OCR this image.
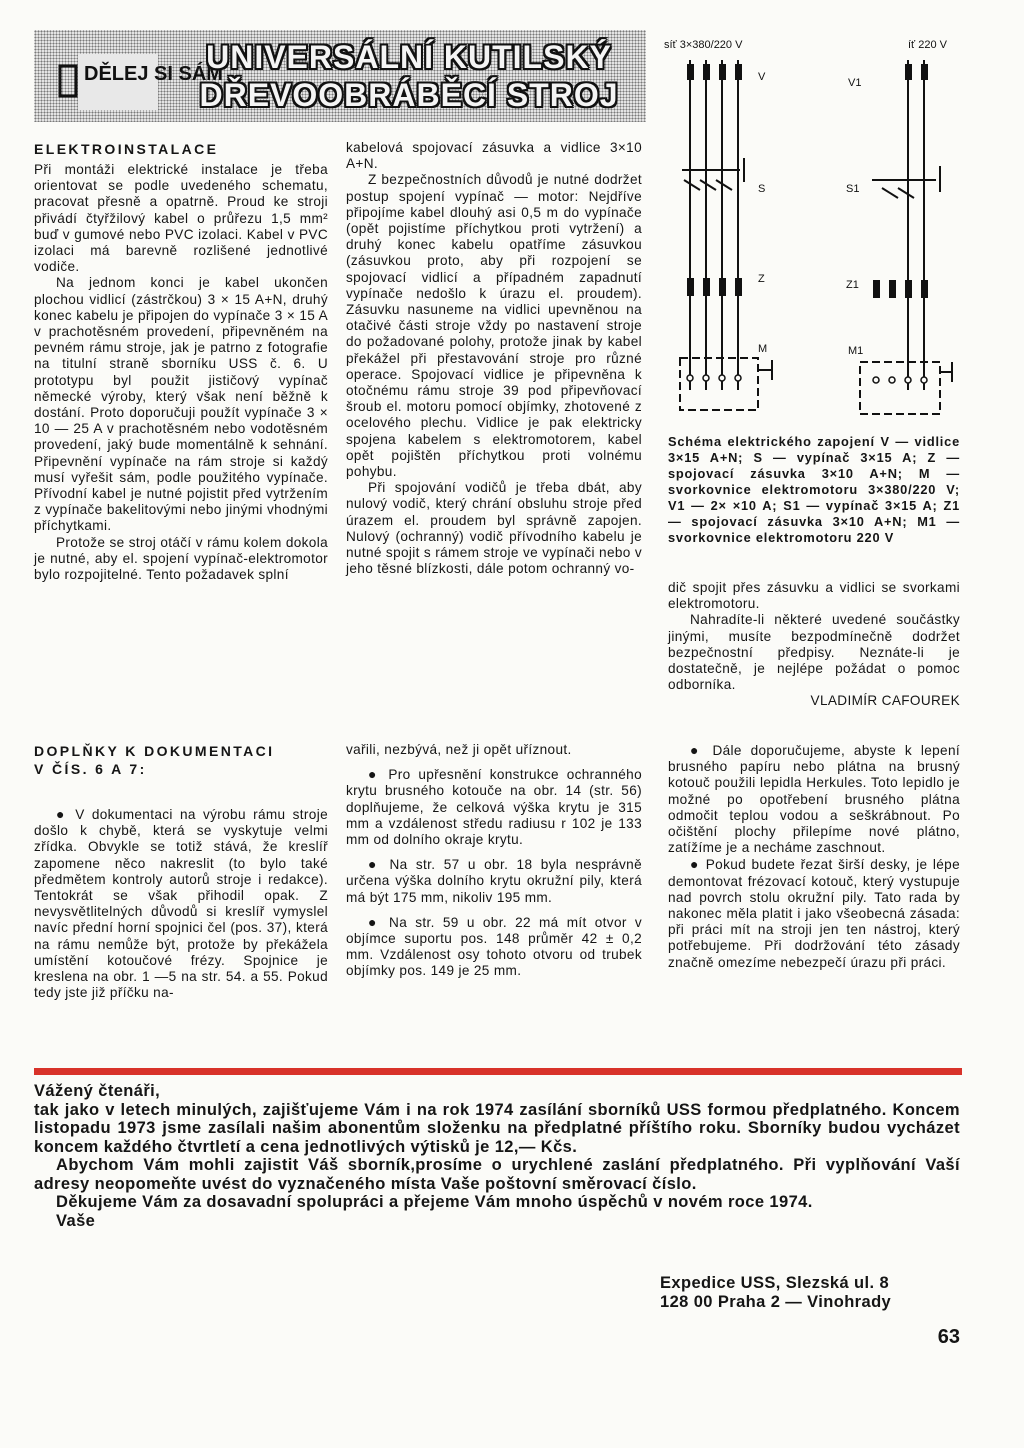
DĚLEJ SI SÁM
UNIVERSÁLNÍ KUTILSKÝ
DŘEVOOBRÁBĚCÍ STROJ
síť 3×380/220 V	íť 220 V
V	V1
S	S1
Z	Z1
M	M1
Schéma elektrického zapojení V — vidlice 3×15 A+N; S — vypínač 3×15 A; Z — spojovací zásuvka 3×10 A+N; M — svorkovnice elektromotoru 3×380/220 V; V1 — 2× ×10 A; S1 — vypínač 3×15 A; Z1 — spojovací zásuvka 3×10 A+N; M1 — svorkovnice elektromotoru 220 V
ELEKTROINSTALACE

Při montáži elektrické instalace je třeba orientovat se podle uvedeného schematu, pracovat přesně a opatrně. Proud ke stroji přivádí čtyřžilový kabel o průřezu 1,5 mm² buď v gumové nebo PVC izolaci. Kabel v PVC izolaci má barevně rozlišené jednotlivé vodiče.

Na jednom konci je kabel ukončen plochou vidlicí (zástrčkou) 3 × 15 A+N, druhý konec kabelu je připojen do vypínače 3 × 15 A v prachotěsném provedení, připevněném na pevném rámu stroje, jak je patrno z fotografie na titulní straně sborníku USS č. 6. U prototypu byl použit jističový vypínač německé výroby, který však není běžně k dostání. Proto doporučuji použít vypínače 3 × 10 — 25 A v prachotěsném nebo vodotěsném provedení, jaký bude momentálně k sehnání. Připevnění vypínače na rám stroje si každý musí vyřešit sám, podle použitého vypínače. Přívodní kabel je nutné pojistit před vytržením z vypínače bakelitovými nebo jinými vhodnými příchytkami.

Protože se stroj otáčí v rámu kolem dokola je nutné, aby el. spojení vypínač-elektromotor bylo rozpojitelné. Tento požadavek splní

kabelová spojovací zásuvka a vidlice 3×10 A+N.

Z bezpečnostních důvodů je nutné dodržet postup spojení vypínač — motor: Nejdříve připojíme kabel dlouhý asi 0,5 m do vypínače (opět pojistíme příchytkou proti vytržení) a druhý konec kabelu opatříme zásuvkou (zásuvkou proto, aby při rozpojení se spojovací vidlicí a případném zapadnutí vypínače nedošlo k úrazu el. proudem). Zásuvku nasuneme na vidlici upevněnou na otačivé části stroje vždy po nastavení stroje do požadované polohy, protože jinak by kabel překážel při přestavování stroje pro různé operace. Spojovací vidlice je připevněna k otočnému rámu stroje 39 pod připevňovací šroub el. motoru pomocí objímky, zhotovené z ocelového plechu. Vidlice je pak elektricky spojena kabelem s elektromotorem, kabel opět pojištěn příchytkou proti volnému pohybu.

Při spojování vodičů je třeba dbát, aby nulový vodič, který chrání obsluhu stroje před úrazem el. proudem byl správně zapojen. Nulový (ochranný) vodič přívodního kabelu je nutné spojit s rámem stroje ve vypínači nebo v jeho těsné blízkosti, dále potom ochranný vo-

dič spojit přes zásuvku a vidlici se svorkami elektromotoru.

Nahradíte-li některé uvedené součástky jinými, musíte bezpodmínečně dodržet bezpečnostní předpisy. Neznáte-li je dostatečně, je nejlépe požádat o pomoc odborníka.

VLADIMÍR CAFOUREK

DOPLŇKY K DOKUMENTACI
V ČÍS. 6 A 7:

● V dokumentaci na výrobu rámu stroje došlo k chybě, která se vyskytuje velmi zřídka. Obvykle se totiž stává, že kreslíř zapomene něco nakreslit (to bylo také předmětem kontroly autorů stroje i redakce). Tentokrát se však přihodil opak. Z nevysvětlitelných důvodů si kreslíř vymyslel navíc přední horní spojnici čel (pos. 37), která na rámu nemůže být, protože by překážela umístění kotoučové frézy. Spojnice je kreslena na obr. 1 —5 na str. 54. a 55. Pokud tedy jste již příčku na-

vařili, nezbývá, než ji opět uříznout.

● Pro upřesnění konstrukce ochranného krytu brusného kotouče na obr. 14 (str. 56) doplňujeme, že celková výška krytu je 315 mm a vzdálenost středu radiusu r 102 je 133 mm od dolního okraje krytu.

● Na str. 57 u obr. 18 byla nesprávně určena výška dolního krytu okružní pily, která má být 175 mm, nikoliv 195 mm.

● Na str. 59 u obr. 22 má mít otvor v objímce suportu pos. 148 průměr 42 ± 0,2 mm. Vzdálenost osy tohoto otvoru od trubek objímky pos. 149 je 25 mm.

● Dále doporučujeme, abyste k lepení brusného papíru nebo plátna na brusný kotouč použili lepidla Herkules. Toto lepidlo je možné po opotřebení brusného plátna odmočit teplou vodou a seškrábnout. Po očištění plochy přilepíme nové plátno, zatížíme je a necháme zaschnout.

● Pokud budete řezat širší desky, je lépe demontovat frézovací kotouč, který vystupuje nad povrch stolu okružní pily. Tato rada by nakonec měla platit i jako všeobecná zásada: při práci mít na stroji jen ten nástroj, který potřebujeme. Při dodržování této zásady značně omezíme nebezpečí úrazu při práci.

Vážený čtenáři,

tak jako v letech minulých, zajišťujeme Vám i na rok 1974 zasílání sborníků USS formou předplatného. Koncem listopadu 1973 jsme zasílali našim abonentům složenku na předplatné příštího roku. Sborníky budou vycházet koncem každého čtvrtletí a cena jednotlivých výtisků je 12,— Kčs.

Abychom Vám mohli zajistit Váš sborník,prosíme o urychlené zaslání předplatného. Při vyplňování Vaší adresy neopomeňte uvést do vyznačeného místa Vaše poštovní směrovací číslo.

Děkujeme Vám za dosavadní spolupráci a přejeme Vám mnoho úspěchů v novém roce 1974.

Vaše

Expedice USS, Slezská ul. 8

128 00 Praha 2 — Vinohrady

63
